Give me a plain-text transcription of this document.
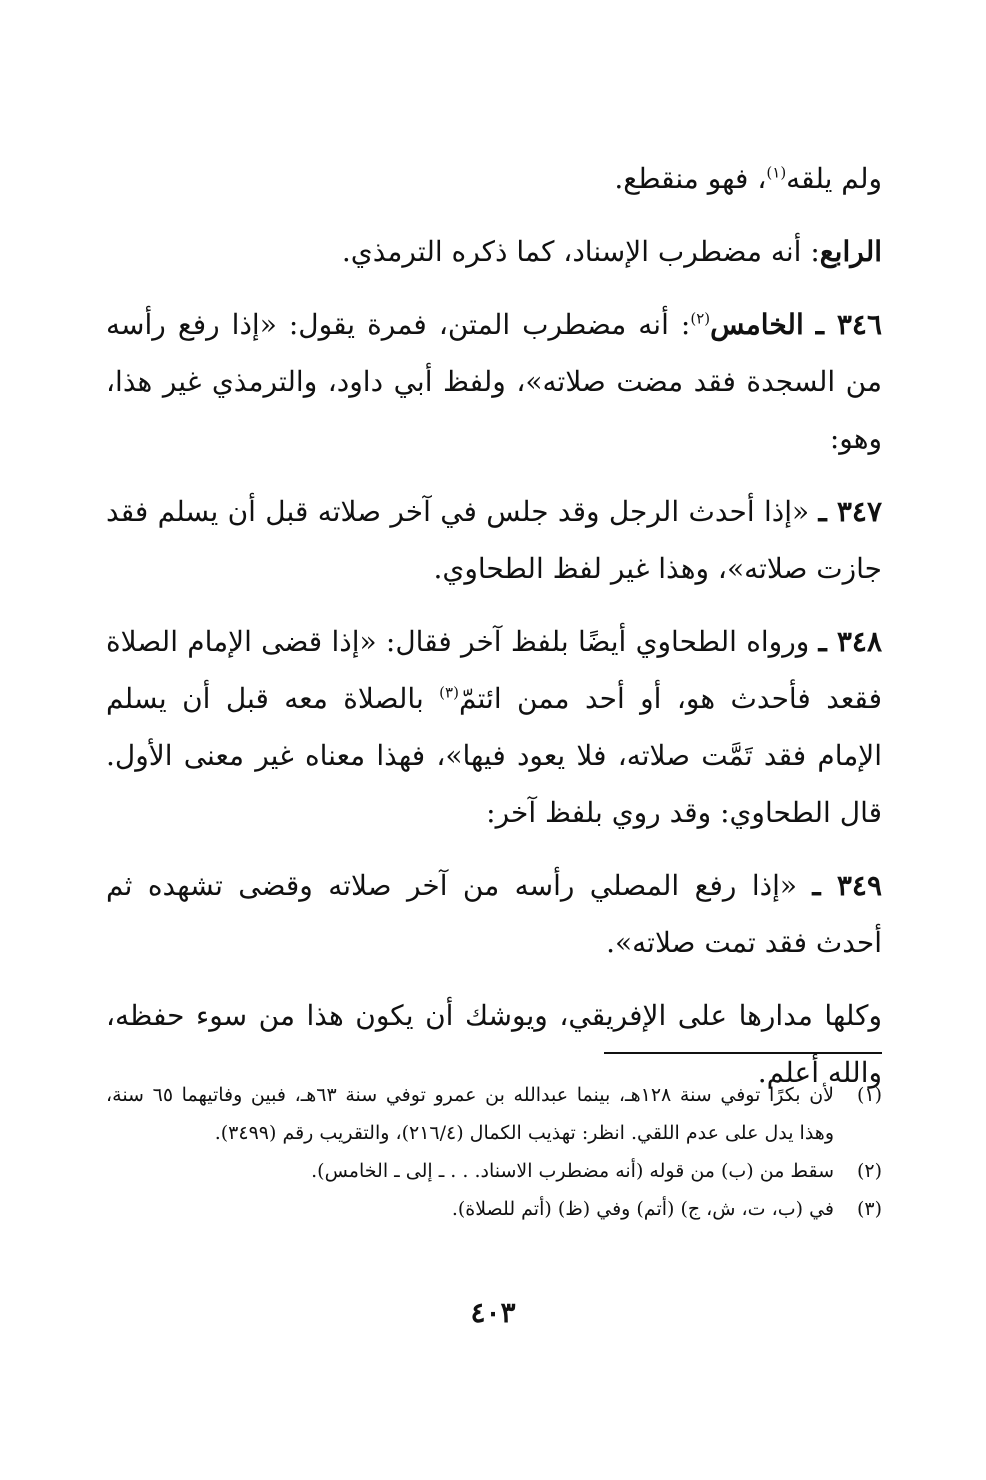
ولم يلقه$^{(١)}$، فهو منقطع.

الرابع: أنه مضطرب الإسناد، كما ذكره الترمذي.

٣٤٦ ـ الخامس$^{(٢)}$: أنه مضطرب المتن، فمرة يقول: «إذا رفع رأسه من السجدة فقد مضت صلاته»، ولفظ أبي داود، والترمذي غير هذا، وهو:

٣٤٧ ـ «إذا أحدث الرجل وقد جلس في آخر صلاته قبل أن يسلم فقد جازت صلاته»، وهذا غير لفظ الطحاوي.

٣٤٨ ـ ورواه الطحاوي أيضًا بلفظ آخر فقال: «إذا قضى الإمام الصلاة فقعد فأحدث هو، أو أحد ممن ائتمّ$^{(٣)}$ بالصلاة معه قبل أن يسلم الإمام فقد تَمَّت صلاته، فلا يعود فيها»، فهذا معناه غير معنى الأول. قال الطحاوي: وقد روي بلفظ آخر:

٣٤٩ ـ «إذا رفع المصلي رأسه من آخر صلاته وقضى تشهده ثم أحدث فقد تمت صلاته».

وكلها مدارها على الإفريقي، ويوشك أن يكون هذا من سوء حفظه، والله أعلم.

(١)
لأن بكرًا توفي سنة ١٢٨هـ، بينما عبدالله بن عمرو توفي سنة ٦٣هـ، فبين وفاتيهما ٦٥ سنة، وهذا يدل على عدم اللقي. انظر: تهذيب الكمال (٢١٦/٤)، والتقريب رقم (٣٤٩٩).
(٢)
سقط من (ب) من قوله (أنه مضطرب الاسناد. . . ـ إلى ـ الخامس).
(٣)
في (ب، ت، ش، ج) (أتم) وفي (ظ) (أتم للصلاة).
٤٠٣
